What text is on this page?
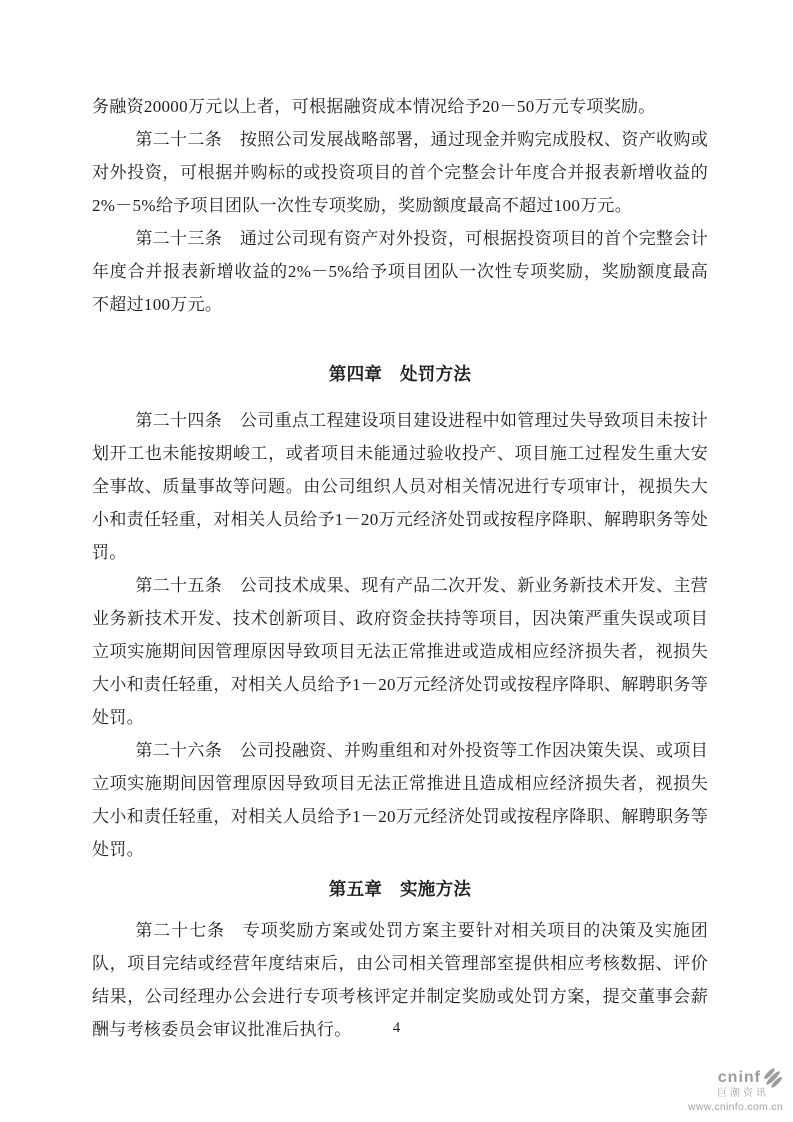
务融资20000万元以上者，可根据融资成本情况给予20－50万元专项奖励。

第二十二条 按照公司发展战略部署，通过现金并购完成股权、资产收购或对外投资，可根据并购标的或投资项目的首个完整会计年度合并报表新增收益的2%－5%给予项目团队一次性专项奖励，奖励额度最高不超过100万元。

第二十三条 通过公司现有资产对外投资，可根据投资项目的首个完整会计年度合并报表新增收益的2%－5%给予项目团队一次性专项奖励，奖励额度最高不超过100万元。

第四章　处罚方法

第二十四条 公司重点工程建设项目建设进程中如管理过失导致项目未按计划开工也未能按期峻工，或者项目未能通过验收投产、项目施工过程发生重大安全事故、质量事故等问题。由公司组织人员对相关情况进行专项审计，视损失大小和责任轻重，对相关人员给予1－20万元经济处罚或按程序降职、解聘职务等处罚。

第二十五条 公司技术成果、现有产品二次开发、新业务新技术开发、主营业务新技术开发、技术创新项目、政府资金扶持等项目，因决策严重失误或项目立项实施期间因管理原因导致项目无法正常推进或造成相应经济损失者，视损失大小和责任轻重，对相关人员给予1－20万元经济处罚或按程序降职、解聘职务等处罚。

第二十六条 公司投融资、并购重组和对外投资等工作因决策失误、或项目立项实施期间因管理原因导致项目无法正常推进且造成相应经济损失者，视损失大小和责任轻重，对相关人员给予1－20万元经济处罚或按程序降职、解聘职务等处罚。

第五章　实施方法

第二十七条 专项奖励方案或处罚方案主要针对相关项目的决策及实施团队，项目完结或经营年度结束后，由公司相关管理部室提供相应考核数据、评价结果，公司经理办公会进行专项考核评定并制定奖励或处罚方案，提交董事会薪酬与考核委员会审议批准后执行。	4
cninf
巨潮资讯
www.cninfo.com.cn
